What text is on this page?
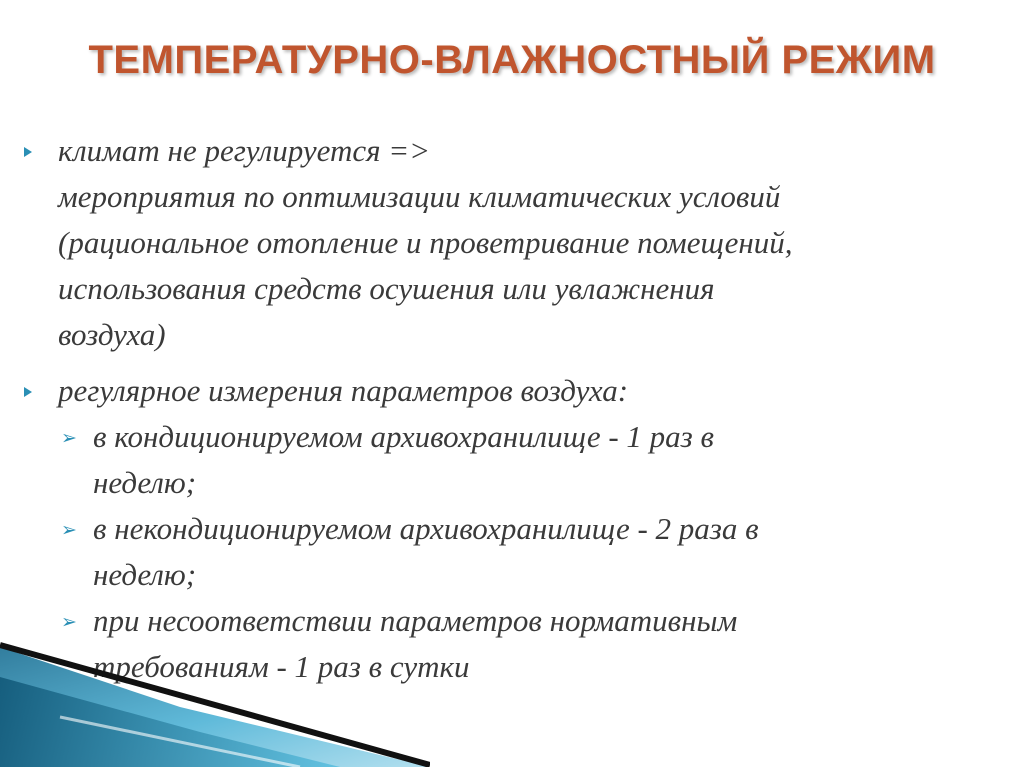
ТЕМПЕРАТУРНО-ВЛАЖНОСТНЫЙ РЕЖИМ
климат не регулируется =>
мероприятия по оптимизации климатических условий
(рациональное отопление и проветривание помещений,
использования средств осушения или увлажнения
воздуха)
регулярное измерения параметров воздуха:
➢ в кондиционируемом архивохранилище - 1 раз в
неделю;
➢ в некондиционируемом архивохранилище - 2 раза в
неделю;
➢ при несоответствии параметров нормативным
требованиям - 1 раз в сутки
